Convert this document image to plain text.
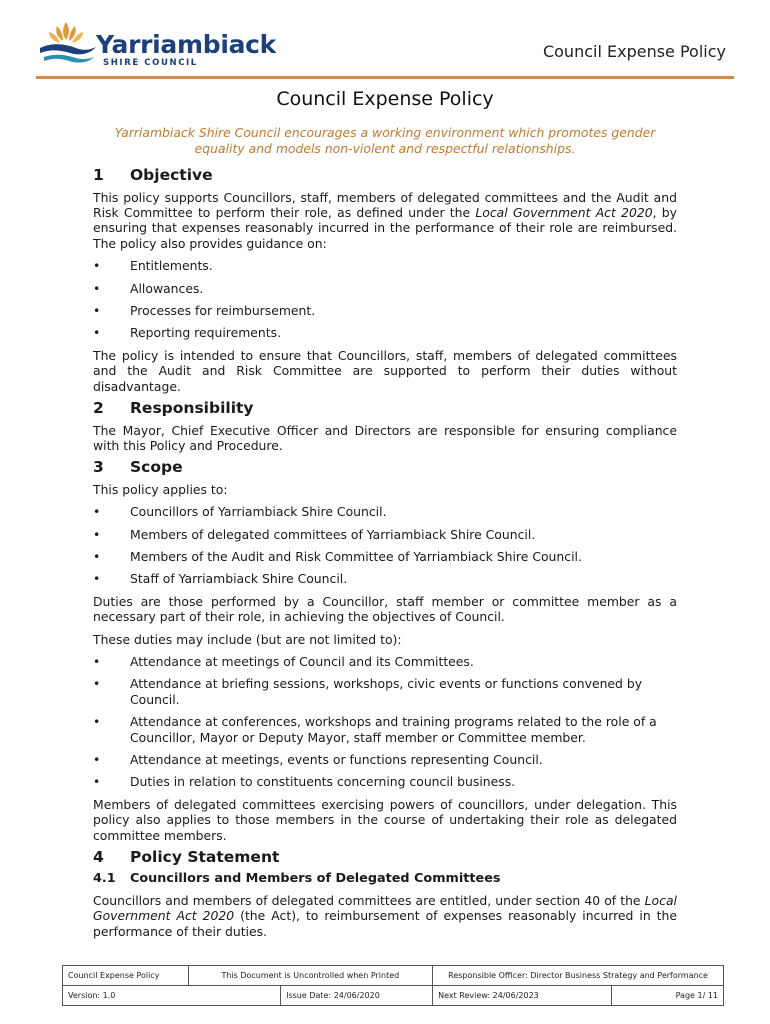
Yarriambiack
SHIRE COUNCIL
Council Expense Policy
Council Expense Policy

Yarriambiack Shire Council encourages a working environment which promotes gender equality and models non-violent and respectful relationships.

1	Objective

This policy supports Councillors, staff, members of delegated committees and the Audit and Risk Committee to perform their role, as defined under the Local Government Act 2020, by ensuring that expenses reasonably incurred in the performance of their role are reimbursed. The policy also provides guidance on:

• Entitlements.
• Allowances.
• Processes for reimbursement.
• Reporting requirements.

The policy is intended to ensure that Councillors, staff, members of delegated committees and the Audit and Risk Committee are supported to perform their duties without disadvantage.

2	Responsibility

The Mayor, Chief Executive Officer and Directors are responsible for ensuring compliance with this Policy and Procedure.

3	Scope

This policy applies to:

• Councillors of Yarriambiack Shire Council.
• Members of delegated committees of Yarriambiack Shire Council.
• Members of the Audit and Risk Committee of Yarriambiack Shire Council.
• Staff of Yarriambiack Shire Council.

Duties are those performed by a Councillor, staff member or committee member as a necessary part of their role, in achieving the objectives of Council.

These duties may include (but are not limited to):

• Attendance at meetings of Council and its Committees.
• Attendance at briefing sessions, workshops, civic events or functions convened by Council.
• Attendance at conferences, workshops and training programs related to the role of a Councillor, Mayor or Deputy Mayor, staff member or Committee member.
• Attendance at meetings, events or functions representing Council.
• Duties in relation to constituents concerning council business.

Members of delegated committees exercising powers of councillors, under delegation. This policy also applies to those members in the course of undertaking their role as delegated committee members.

4	Policy Statement
4.1	Councillors and Members of Delegated Committees

Councillors and members of delegated committees are entitled, under section 40 of the Local Government Act 2020 (the Act), to reimbursement of expenses reasonably incurred in the performance of their duties.

Council Expense Policy	This Document is Uncontrolled when Printed		Responsible Officer: Director Business Strategy and Performance	
Version: 1.0		Issue Date: 24/06/2020	Next Review: 24/06/2023	Page 1/ 11
